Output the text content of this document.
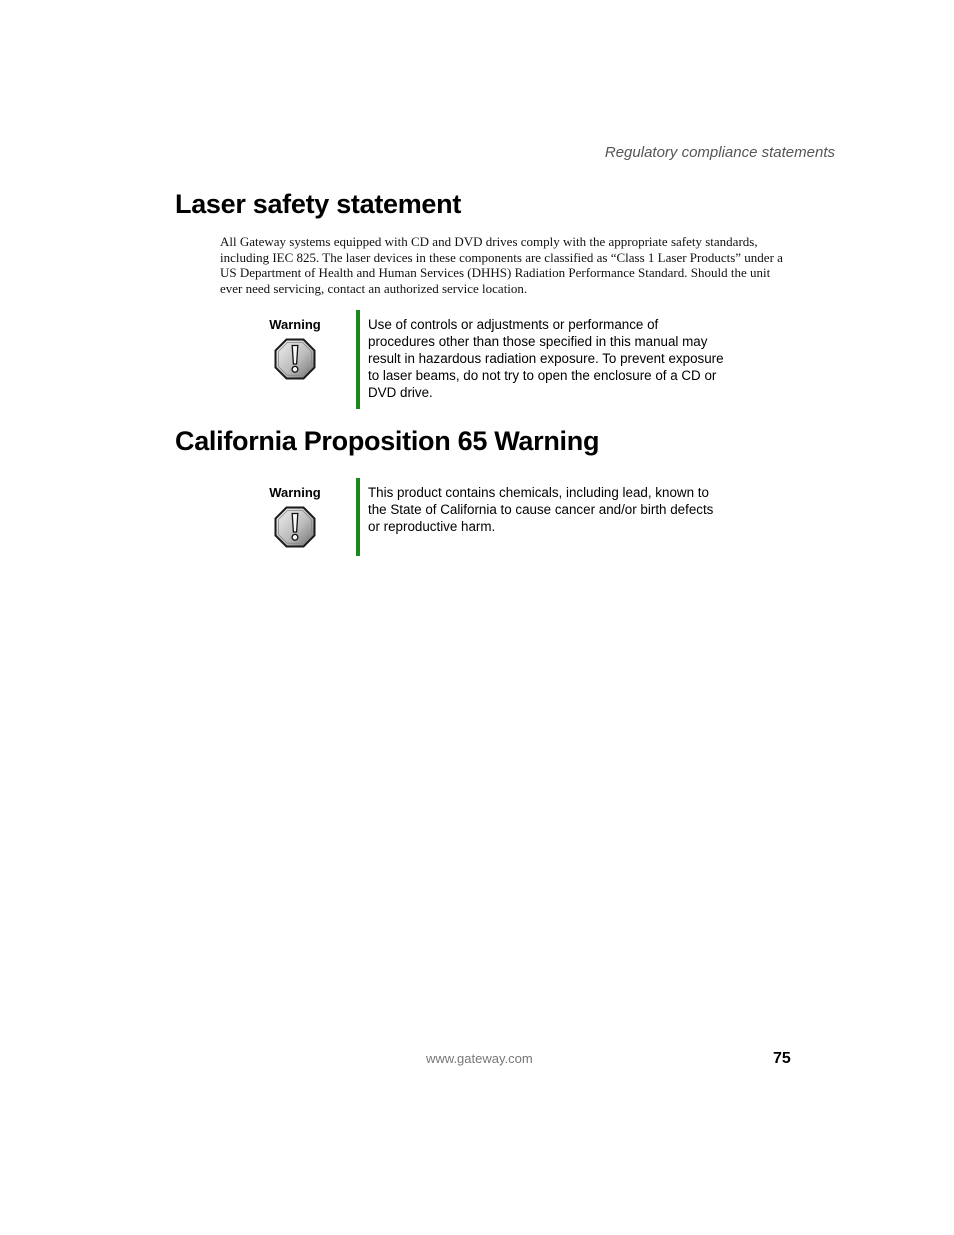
Regulatory compliance statements
Laser safety statement

All Gateway systems equipped with CD and DVD drives comply with the appropriate safety standards, including IEC 825. The laser devices in these components are classified as “Class 1 Laser Products” under a US Department of Health and Human Services (DHHS) Radiation Performance Standard. Should the unit ever need servicing, contact an authorized service location.

Warning	Use of controls or adjustments or performance of procedures other than those specified in this manual may result in hazardous radiation exposure. To prevent exposure to laser beams, do not try to open the enclosure of a CD or DVD drive.

California Proposition 65 Warning
Warning	This product contains chemicals, including lead, known to the State of California to cause cancer and/or birth defects or reproductive harm.

www.gateway.com	75
